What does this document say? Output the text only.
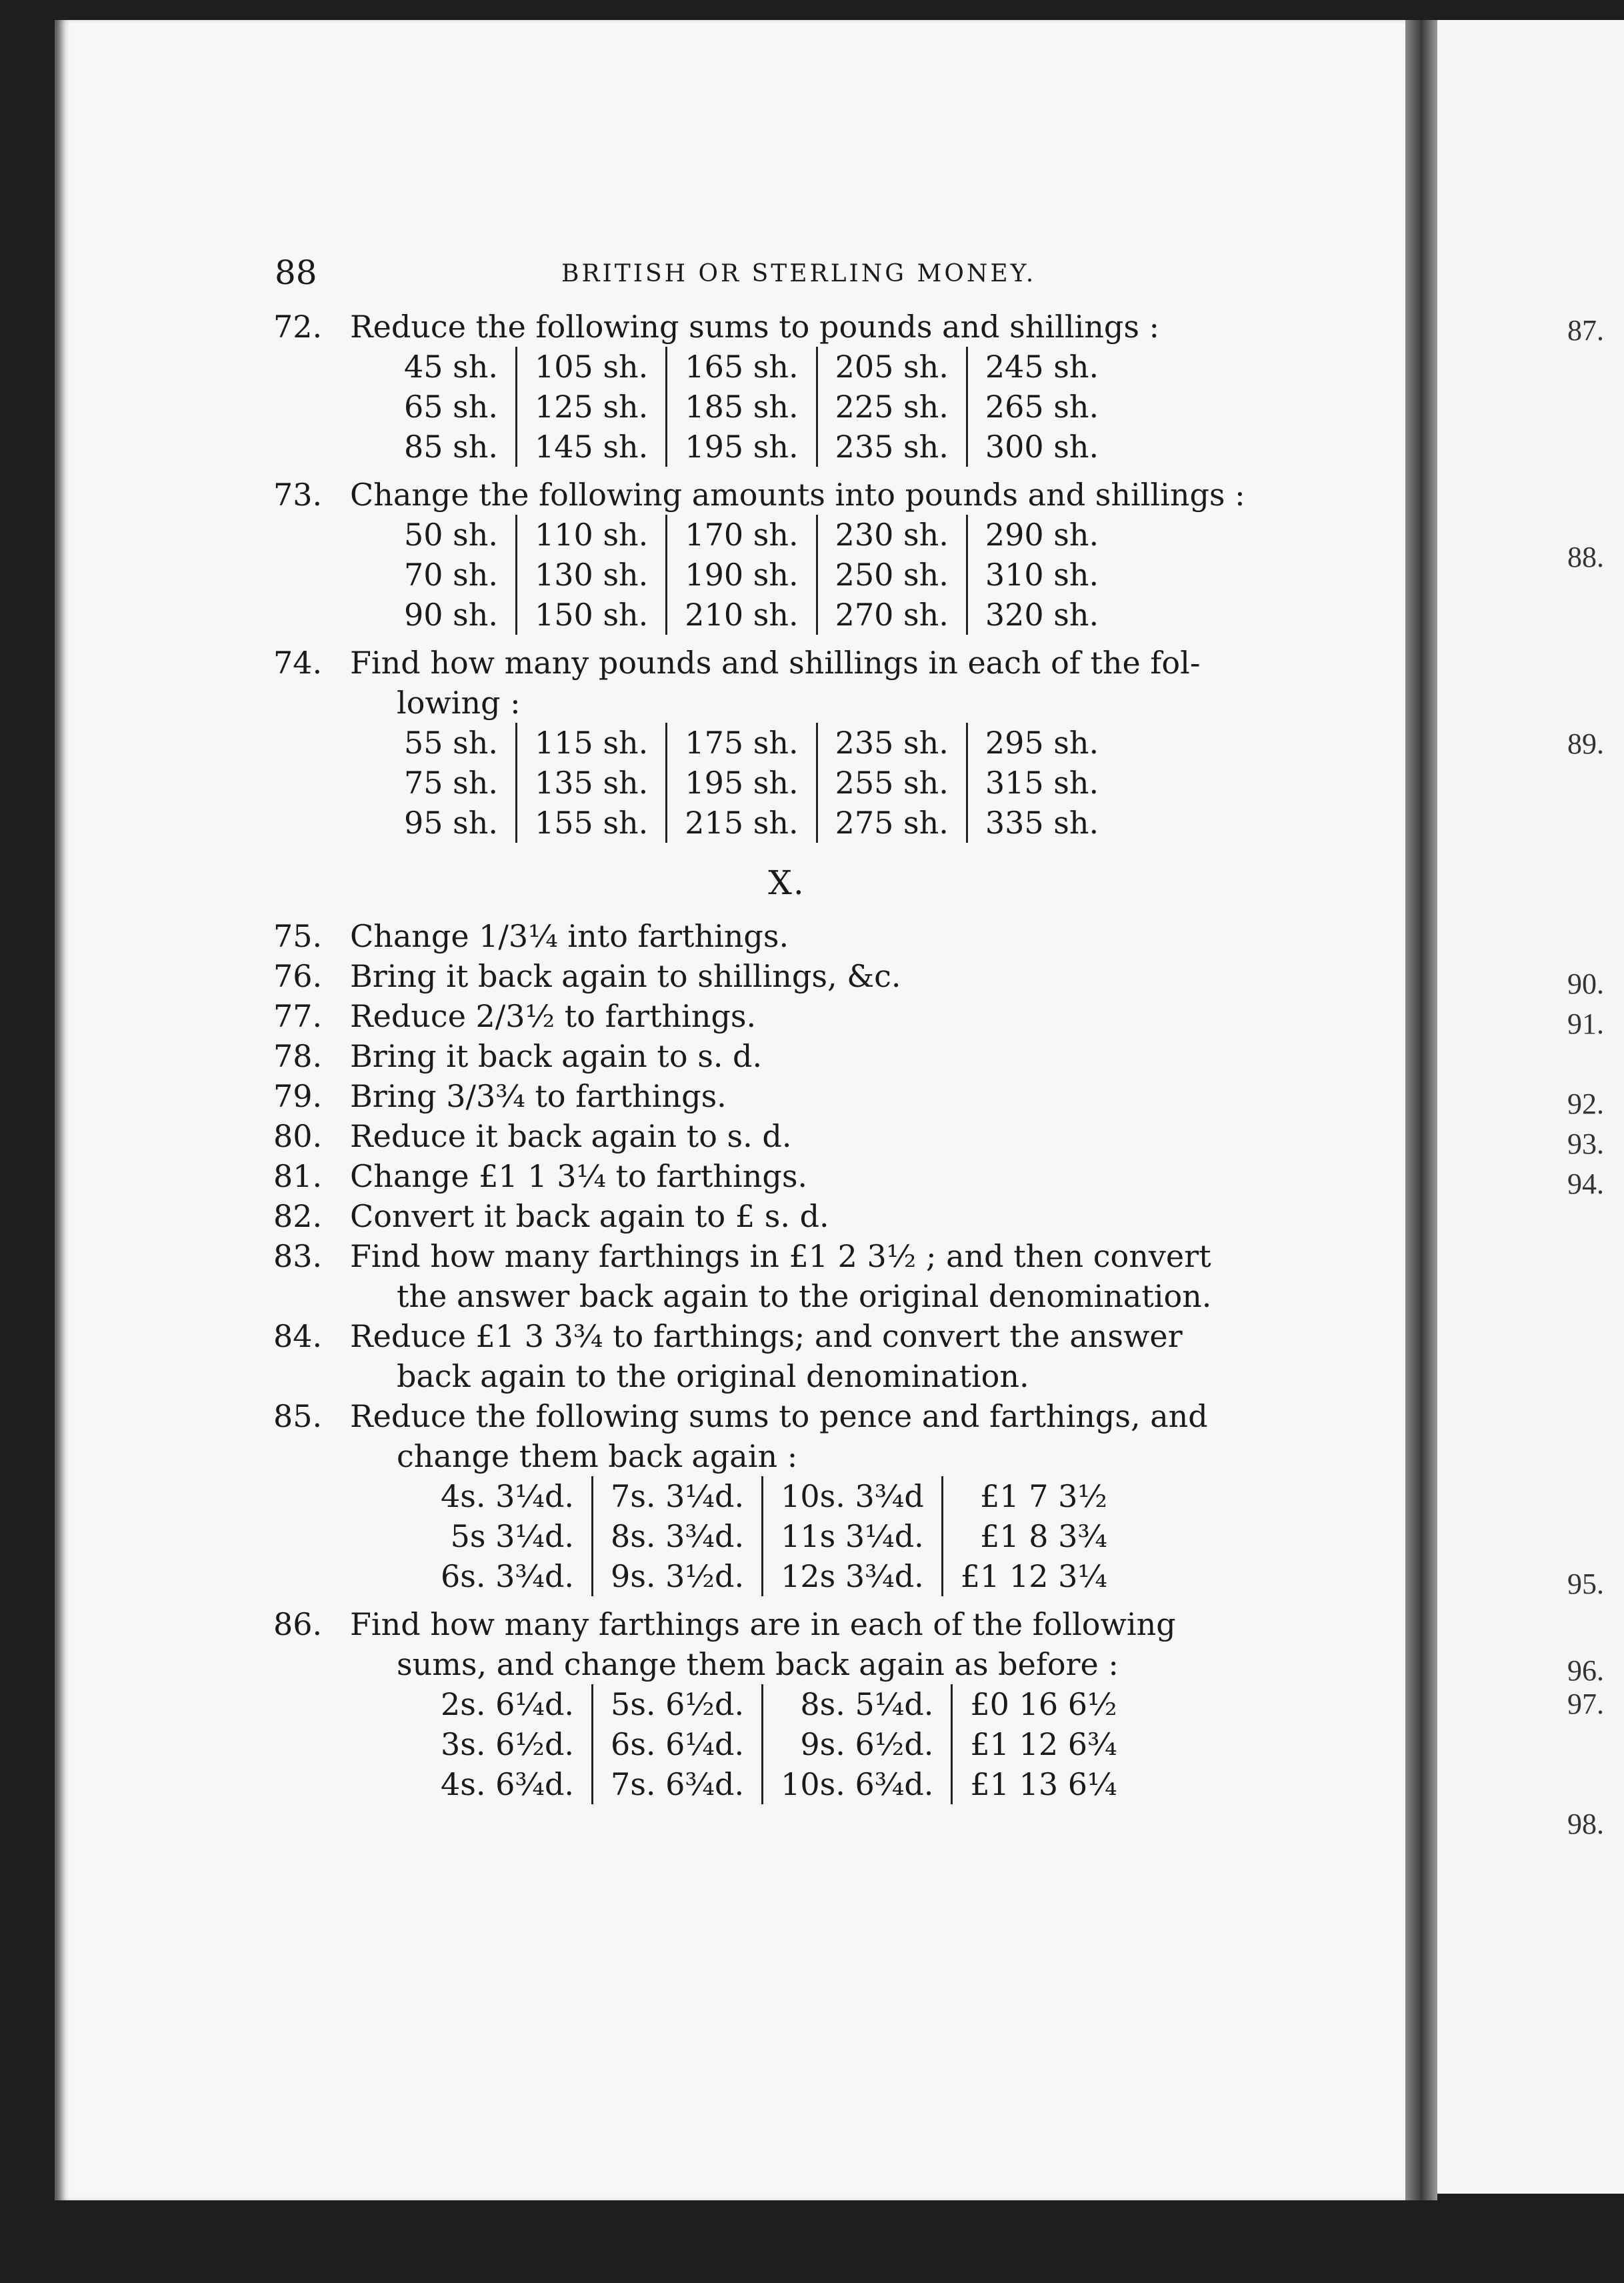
88	BRITISH OR STERLING MONEY.
87.
88.
89.
90.
91.
92.
93.
94.
95.
96.
97.
98.
72. Reduce the following sums to pounds and shillings :
45 sh.	105 sh.	165 sh.	205 sh.	245 sh.
65 sh.	125 sh.	185 sh.	225 sh.	265 sh.
85 sh.	145 sh.	195 sh.	235 sh.	300 sh.
73. Change the following amounts into pounds and shillings :
50 sh.	110 sh.	170 sh.	230 sh.	290 sh.
70 sh.	130 sh.	190 sh.	250 sh.	310 sh.
90 sh.	150 sh.	210 sh.	270 sh.	320 sh.
74. Find how many pounds and shillings in each of the fol-
lowing :
55 sh.	115 sh.	175 sh.	235 sh.	295 sh.
75 sh.	135 sh.	195 sh.	255 sh.	315 sh.
95 sh.	155 sh.	215 sh.	275 sh.	335 sh.
X.
75. Change 1/3¼ into farthings.
76. Bring it back again to shillings, &c.
77. Reduce 2/3½ to farthings.
78. Bring it back again to s. d.
79. Bring 3/3¾ to farthings.
80. Reduce it back again to s. d.
81. Change £1 1 3¼ to farthings.
82. Convert it back again to £ s. d.
83. Find how many farthings in £1 2 3½ ; and then convert
the answer back again to the original denomination.
84. Reduce £1 3 3¾ to farthings; and convert the answer
back again to the original denomination.
85. Reduce the following sums to pence and farthings, and
change them back again :
4s. 3¼d.	7s. 3¼d.	10s. 3¾d	£1 7 3½
5s 3¼d.	8s. 3¾d.	11s 3¼d.	£1 8 3¾
6s. 3¾d.	9s. 3½d.	12s 3¾d.	£1 12 3¼
86. Find how many farthings are in each of the following
sums, and change them back again as before :
2s. 6¼d.	5s. 6½d.	8s. 5¼d.	£0 16 6½
3s. 6½d.	6s. 6¼d.	9s. 6½d.	£1 12 6¾
4s. 6¾d.	7s. 6¾d.	10s. 6¾d.	£1 13 6¼
